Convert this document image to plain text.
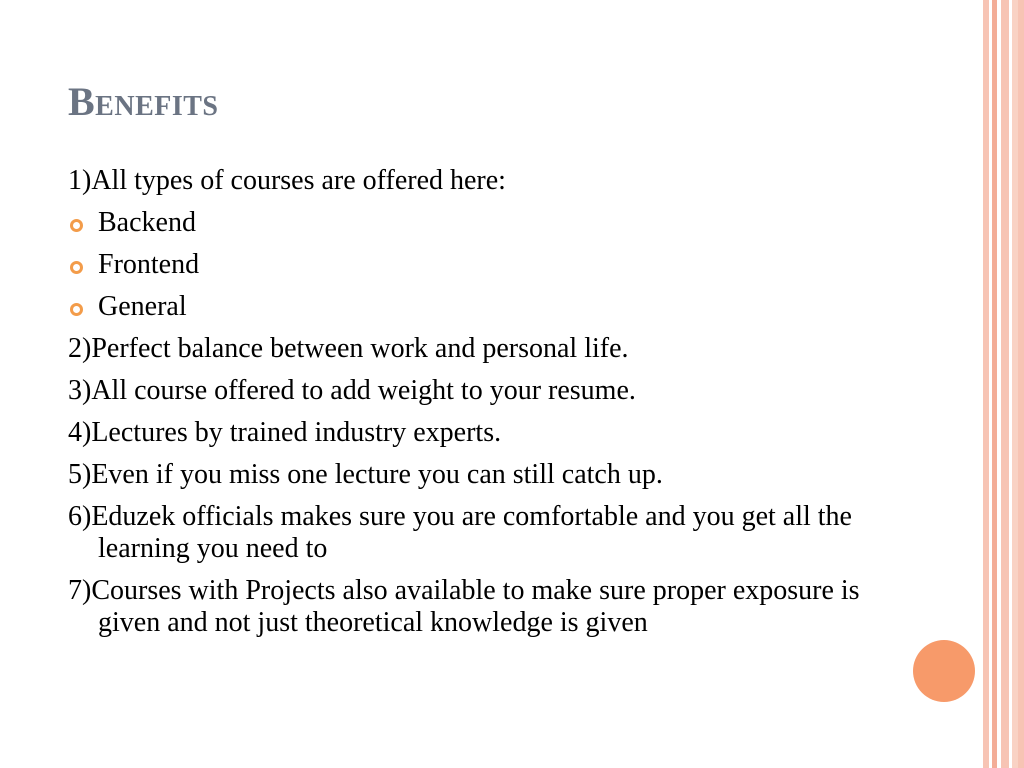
Benefits
1)All types of courses are offered here:
Backend
Frontend
General
2)Perfect balance between work and personal life.
3)All course offered to add weight to your resume.
4)Lectures by trained industry experts.
5)Even if you miss one lecture you can still catch up.
6)Eduzek officials makes sure you are comfortable and you get all the learning you need to
7)Courses with Projects also available to make sure proper exposure is given and not just theoretical knowledge is given
